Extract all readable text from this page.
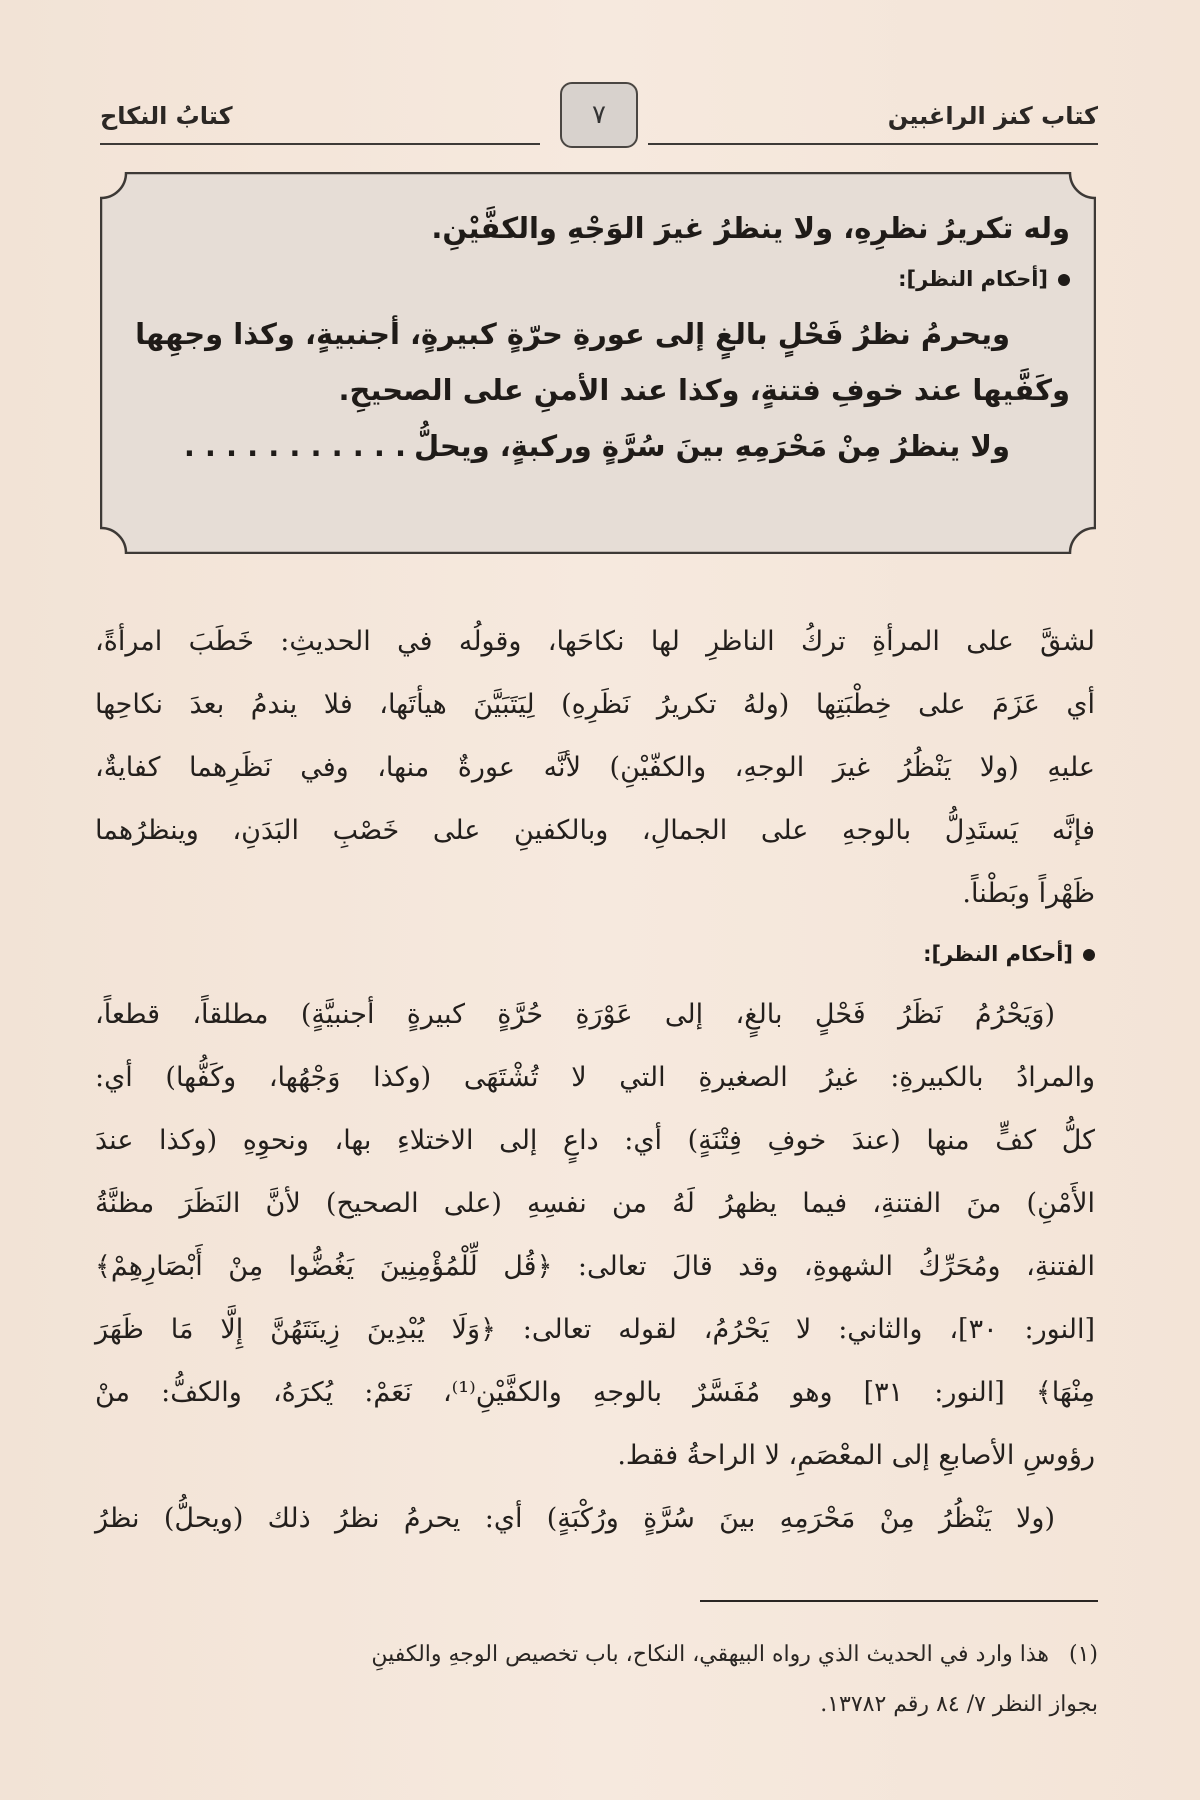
كتاب كنز الراغبين
٧
كتابُ النكاح
وله تكريرُ نظرِهِ، ولا ينظرُ غيرَ الوَجْهِ والكفَّيْنِ.
[أحكام النظر]:
ويحرمُ نظرُ فَحْلٍ بالغٍ إلى عورةِ حرّةٍ كبيرةٍ، أجنبيةٍ، وكذا وجهِها
وكَفَّيها عند خوفِ فتنةٍ، وكذا عند الأمنِ على الصحيحِ.
ولا ينظرُ مِنْ مَحْرَمِهِ بينَ سُرَّةٍ وركبةٍ، ويحلُّ. . . . . . . . . . .
لشقَّ على المرأةِ تركُ الناظرِ لها نكاحَها، وقولُه في الحديثِ: خَطَبَ امرأةً،
أي عَزَمَ على خِطْبَتِها (ولهُ تكريرُ نَظَرِهِ) لِيَتَبَيَّنَ هيأتَها، فلا يندمُ بعدَ نكاحِها
عليهِ (ولا يَنْظُرُ غيرَ الوجهِ، والكفّيْنِ) لأنَّه عورةٌ منها، وفي نَظَرِهما كفايةٌ،
فإنَّه يَستَدِلُّ بالوجهِ على الجمالِ، وبالكفينِ على خَصْبِ البَدَنِ، وينظرُهما
ظَهْراً وبَطْناً.
[أحكام النظر]:
(وَيَحْرُمُ نَظَرُ فَحْلٍ بالغٍ، إلى عَوْرَةِ حُرَّةٍ كبيرةٍ أجنبيَّةٍ) مطلقاً، قطعاً،
والمرادُ بالكبيرةِ: غيرُ الصغيرةِ التي لا تُشْتَهَى (وكذا وَجْهُها، وكَفُّها) أي:
كلُّ كفٍّ منها (عندَ خوفِ فِتْنَةٍ) أي: داعٍ إلى الاختلاءِ بها، ونحوِهِ (وكذا عندَ
الأَمْنِ) منَ الفتنةِ، فيما يظهرُ لَهُ من نفسِهِ (على الصحيح) لأنَّ النَظَرَ مظنَّةُ
الفتنةِ، ومُحَرِّكُ الشهوةِ، وقد قالَ تعالى: ﴿قُل لِّلْمُؤْمِنِينَ يَغُضُّوا مِنْ أَبْصَارِهِمْ﴾
[النور: ٣٠]، والثاني: لا يَحْرُمُ، لقوله تعالى: ﴿وَلَا يُبْدِينَ زِينَتَهُنَّ إِلَّا مَا ظَهَرَ
مِنْهَا﴾ [النور: ٣١] وهو مُفَسَّرٌ بالوجهِ والكفَّيْنِ⁽¹⁾، نَعَمْ: يُكرَهُ، والكفُّ: منْ
رؤوسِ الأصابعِ إلى المعْصَمِ، لا الراحةُ فقط.
(ولا يَنْظُرُ مِنْ مَحْرَمِهِ بينَ سُرَّةٍ ورُكْبَةٍ) أي: يحرمُ نظرُ ذلك (ويحلُّ) نظرُ
(١)هذا وارد في الحديث الذي رواه البيهقي، النكاح، باب تخصيص الوجهِ والكفينِ
بجواز النظر ٧/ ٨٤ رقم ١٣٧٨٢.
